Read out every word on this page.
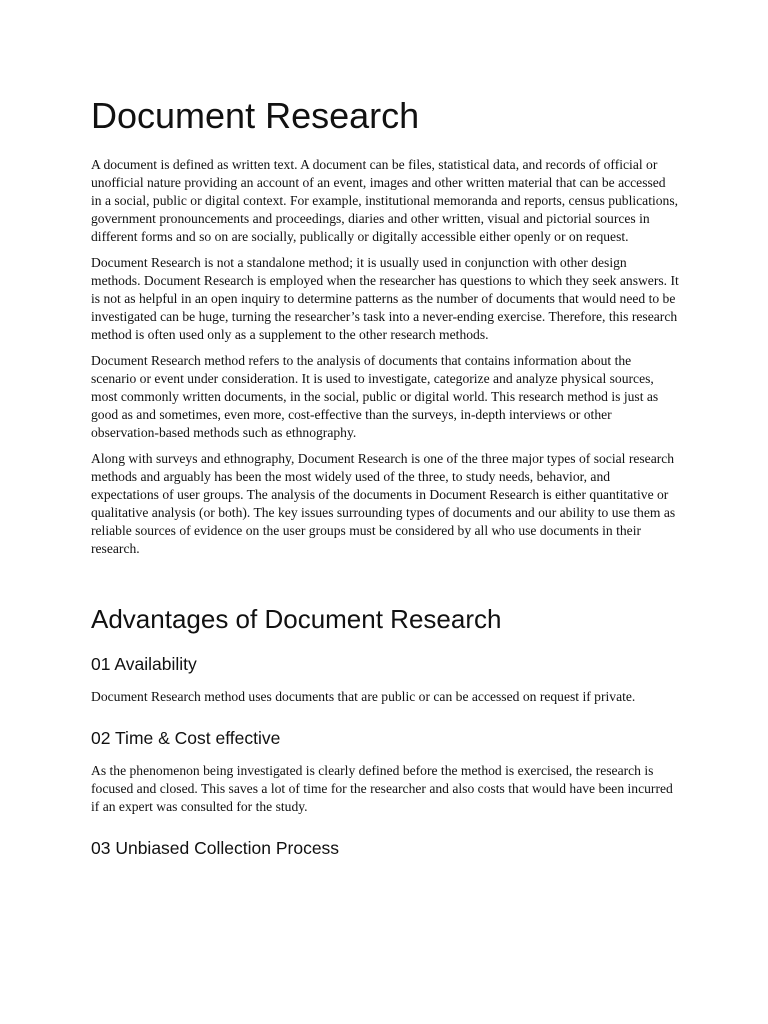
Document Research

A document is defined as written text. A document can be files, statistical data, and records of official or unofficial nature providing an account of an event, images and other written material that can be accessed in a social, public or digital context. For example, institutional memoranda and reports, census publications, government pronouncements and proceedings, diaries and other written, visual and pictorial sources in different forms and so on are socially, publically or digitally accessible either openly or on request.

Document Research is not a standalone method; it is usually used in conjunction with other design methods. Document Research is employed when the researcher has questions to which they seek answers. It is not as helpful in an open inquiry to determine patterns as the number of documents that would need to be investigated can be huge, turning the researcher’s task into a never-ending exercise. Therefore, this research method is often used only as a supplement to the other research methods.

Document Research method refers to the analysis of documents that contains information about the scenario or event under consideration. It is used to investigate, categorize and analyze physical sources, most commonly written documents, in the social, public or digital world. This research method is just as good as and sometimes, even more, cost-effective than the surveys, in-depth interviews or other observation-based methods such as ethnography.

Along with surveys and ethnography, Document Research is one of the three major types of social research methods and arguably has been the most widely used of the three, to study needs, behavior, and expectations of user groups. The analysis of the documents in Document Research is either quantitative or qualitative analysis (or both). The key issues surrounding types of documents and our ability to use them as reliable sources of evidence on the user groups must be considered by all who use documents in their research.

Advantages of Document Research
01 Availability

Document Research method uses documents that are public or can be accessed on request if private.

02 Time & Cost effective

As the phenomenon being investigated is clearly defined before the method is exercised, the research is focused and closed. This saves a lot of time for the researcher and also costs that would have been incurred if an expert was consulted for the study.

03 Unbiased Collection Process
